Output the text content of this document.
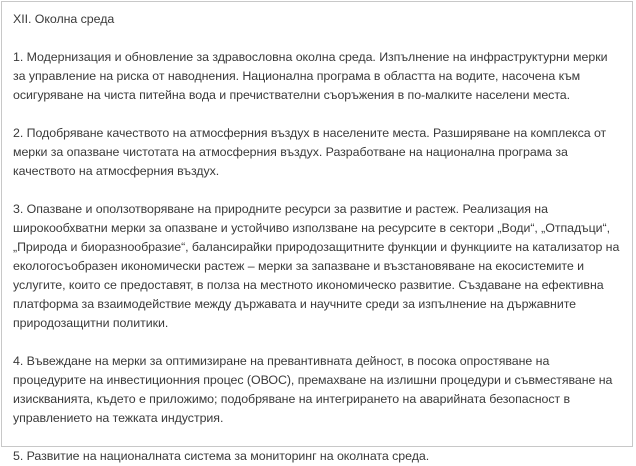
XII. Околна среда

1. Модернизация и обновление за здравословна околна среда. Изпълнение на инфраструктурни мерки за управление на риска от наводнения. Национална програма в областта на водите, насочена към осигуряване на чиста питейна вода и пречиствателни съоръжения в по-малките населени места.

2. Подобряване качеството на атмосферния въздух в населените места. Разширяване на комплекса от мерки за опазване чистотата на атмосферния въздух. Разработване на национална програма за качеството на атмосферния въздух.

3. Опазване и оползотворяване на природните ресурси за развитие и растеж. Реализация на широкообхватни мерки за опазване и устойчиво използване на ресурсите в сектори „Води“, „Отпадъци“, „Природа и биоразнообразие“, балансирайки природозащитните функции и функциите на катализатор на екологосъобразен икономически растеж – мерки за запазване и възстановяване на екосистемите и услугите, които се предоставят, в полза на местното икономическо развитие. Създаване на ефективна платформа за взаимодействие между държавата и научните среди за изпълнение на държавните природозащитни политики.

4. Въвеждане на мерки за оптимизиране на превантивната дейност, в посока опростяване на процедурите на инвестиционния процес (ОВОС), премахване на излишни процедури и съвместяване на изискванията, където е приложимо; подобряване на интегрирането на аварийната безопасност в управлението на тежката индустрия.

5. Развитие на националната система за мониторинг на околната среда.
